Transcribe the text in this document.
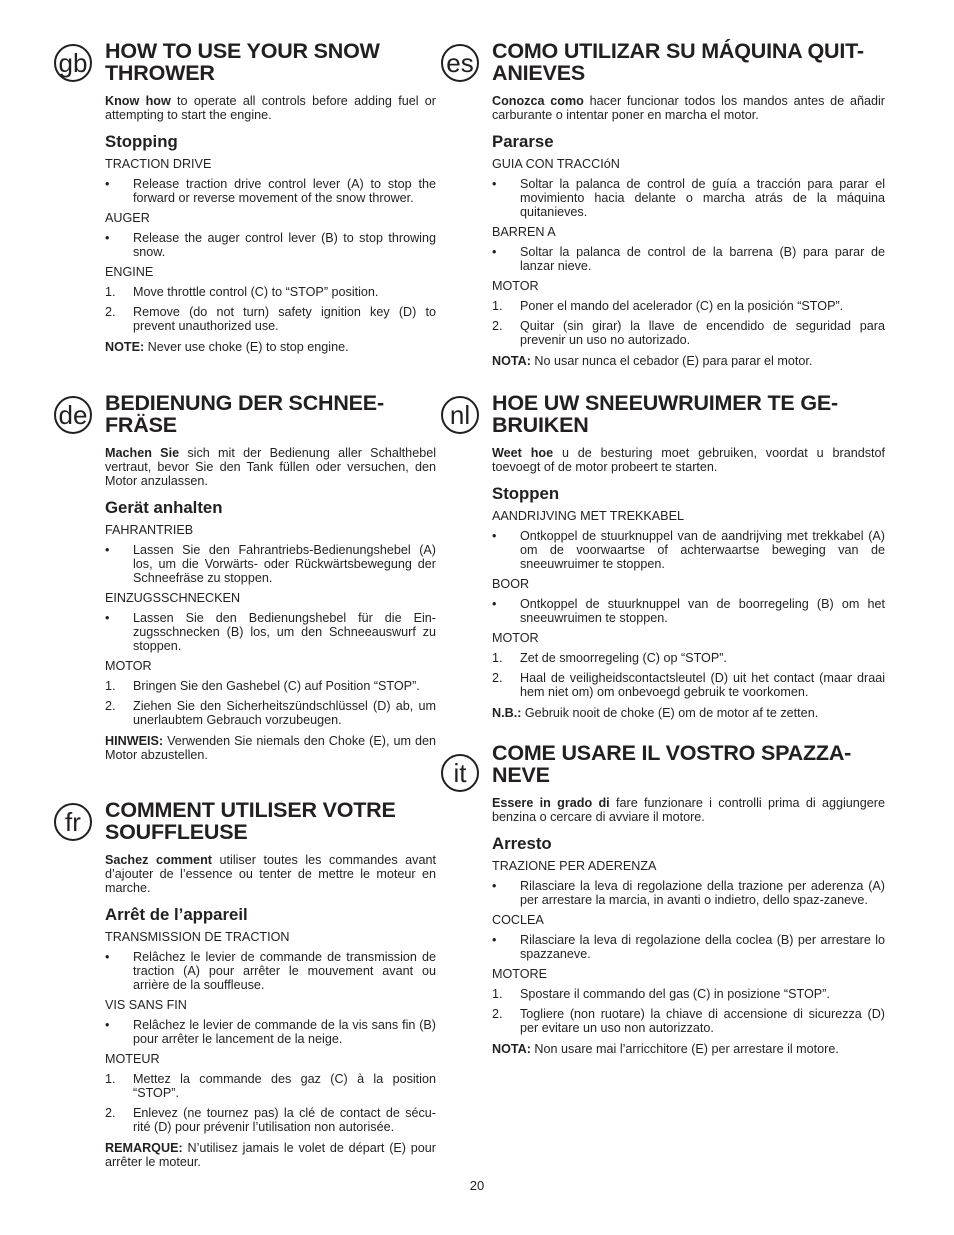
gb HOW TO USE YOUR SNOW THROWER

Know how to operate all controls before adding fuel or attempting to start the engine.

Stopping

TRACTION DRIVE

• Release traction drive control lever (A) to stop the forward or reverse movement of the snow thrower.

AUGER

• Release the auger control lever (B) to stop throwing snow.

ENGINE

1. Move throttle control (C) to “STOP” position.

2. Remove (do not turn) safety ignition key (D) to prevent unauthorized use.

NOTE: Never use choke (E) to stop engine.

de BEDIENUNG DER SCHNEE-FRÄSE

Machen Sie sich mit der Bedienung aller Schalthebel vertraut, bevor Sie den Tank füllen oder versuchen, den Motor anzulassen.

Gerät anhalten

FAHRANTRIEB

• Lassen Sie den Fahrantriebs-Bedienungshebel (A) los, um die Vorwärts- oder Rückwärtsbewegung der Schneefräse zu stoppen.

EINZUGSSCHNECKEN

• Lassen Sie den Bedienungshebel für die Ein-zugsschnecken (B) los, um den Schneeauswurf zu stoppen.

MOTOR

1. Bringen Sie den Gashebel (C) auf Position “STOP”.

2. Ziehen Sie den Sicherheitszündschlüssel (D) ab, um unerlaubtem Gebrauch vorzubeugen.

HINWEIS: Verwenden Sie niemals den Choke (E), um den Motor abzustellen.

fr	COMMENT UTILISER VOTRE SOUFFLEUSE

Sachez comment utiliser toutes les commandes avant d’ajouter de l’essence ou tenter de mettre le moteur en marche.

Arrêt de l’appareil

TRANSMISSION DE TRACTION

• Relâchez le levier de commande de transmission de traction (A) pour arrêter le mouvement avant ou arrière de la souffleuse.

VIS SANS FIN

• Relâchez le levier de commande de la vis sans fin (B) pour arrêter le lancement de la neige.

MOTEUR

1. Mettez la commande des gaz (C) à la position “STOP”.

2. Enlevez (ne tournez pas) la clé de contact de sécu-rité (D) pour prévenir l’utilisation non autorisée.

REMARQUE: N’utilisez jamais le volet de départ (E) pour arrêter le moteur.

es COMO UTILIZAR SU MÁQUINA QUIT-ANIEVES

Conozca como hacer funcionar todos los mandos antes de añadir carburante o intentar poner en marcha el motor.

Pararse

GUIA CON TRACCIóN

• Soltar la palanca de control de guía a tracción para parar el movimiento hacia delante o marcha atrás de la máquina quitanieves.

BARREN A

• Soltar la palanca de control de la barrena (B) para parar de lanzar nieve.

MOTOR

1. Poner el mando del acelerador (C) en la posición “STOP”.

2. Quitar (sin girar) la llave de encendido de seguridad para prevenir un uso no autorizado.

NOTA: No usar nunca el cebador (E) para parar el motor.

nl	HOE UW SNEEUWRUIMER TE GE-BRUIKEN

Weet hoe u de besturing moet gebruiken, voordat u brandstof toevoegt of de motor probeert te starten.

Stoppen

AANDRIJVING MET TREKKABEL

• Ontkoppel de stuurknuppel van de aandrijving met trekkabel (A) om de voorwaartse of achterwaartse beweging van de sneeuwruimer te stoppen.

BOOR

• Ontkoppel de stuurknuppel van de boorregeling (B) om het sneeuwruimen te stoppen.

MOTOR

1. Zet de smoorregeling (C) op “STOP”.

2. Haal de veiligheidscontactsleutel (D) uit het contact (maar draai hem niet om) om onbevoegd gebruik te voorkomen.

N.B.: Gebruik nooit de choke (E) om de motor af te zetten.

it
COME USARE IL VOSTRO SPAZZA-NEVE

Essere in grado di fare funzionare i controlli prima di aggiungere benzina o cercare di avviare il motore.

Arresto

TRAZIONE PER ADERENZA

• Rilasciare la leva di regolazione della trazione per aderenza (A) per arrestare la marcia, in avanti o indietro, dello spaz-zaneve.

COCLEA

• Rilasciare la leva di regolazione della coclea (B) per arrestare lo spazzaneve.

MOTORE

1. Spostare il commando del gas (C) in posizione “STOP”.

2. Togliere (non ruotare) la chiave di accensione di sicurezza (D) per evitare un uso non autorizzato.

NOTA: Non usare mai l’arricchitore (E) per arrestare il motore.

20
